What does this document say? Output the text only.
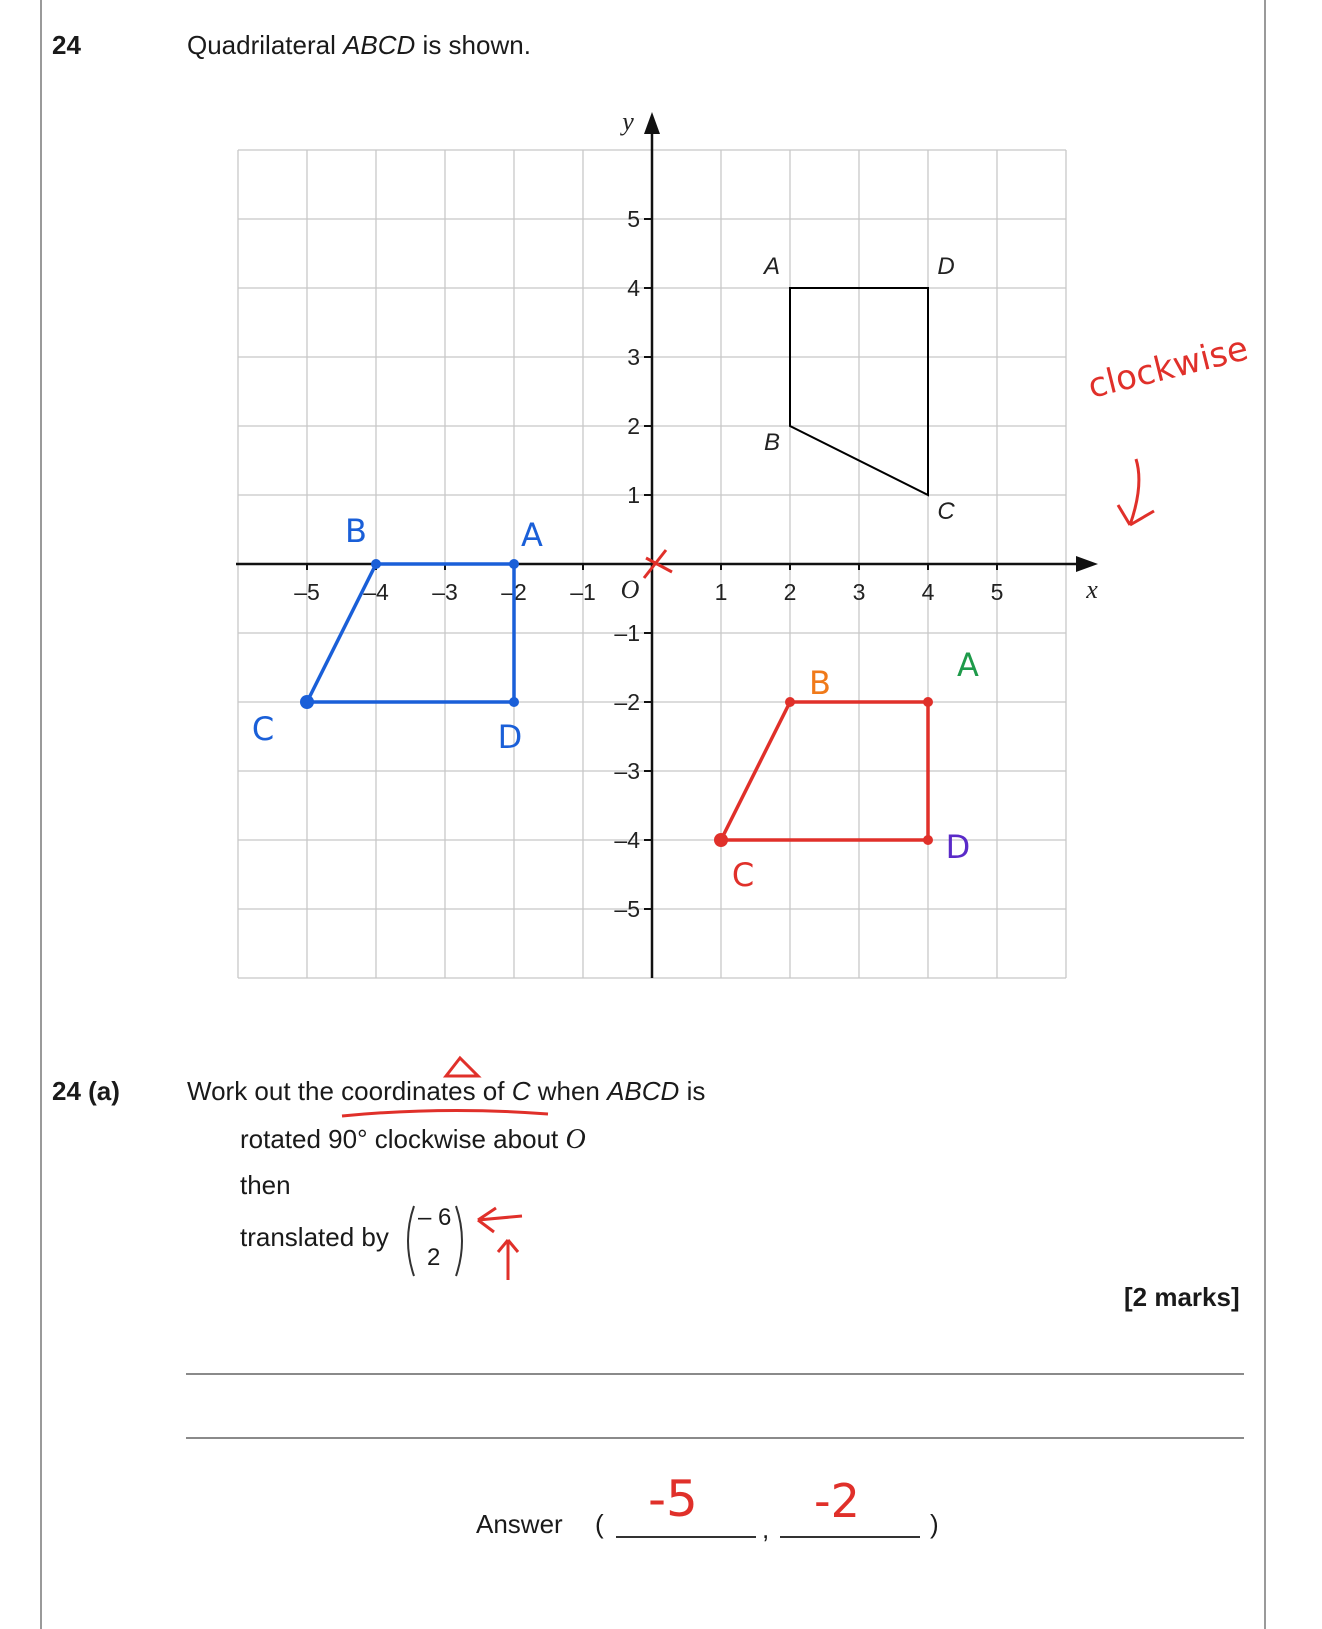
24	Quadrilateral ABCD is shown.
–5 –4 –3 –2 –1	1 2 3 4 5
5
4
3
2
1
–1
–2
–3
–4
–5
O	x
y
A	D
C
B
A
B
C
D
A
B
C	D
24 (a)	Work out the coordinates of C when ABCD is
rotated 90° clockwise about O
then
translated by
– 6
2
[2 marks]
Answer (	,	)
-5	-2
clockwise
